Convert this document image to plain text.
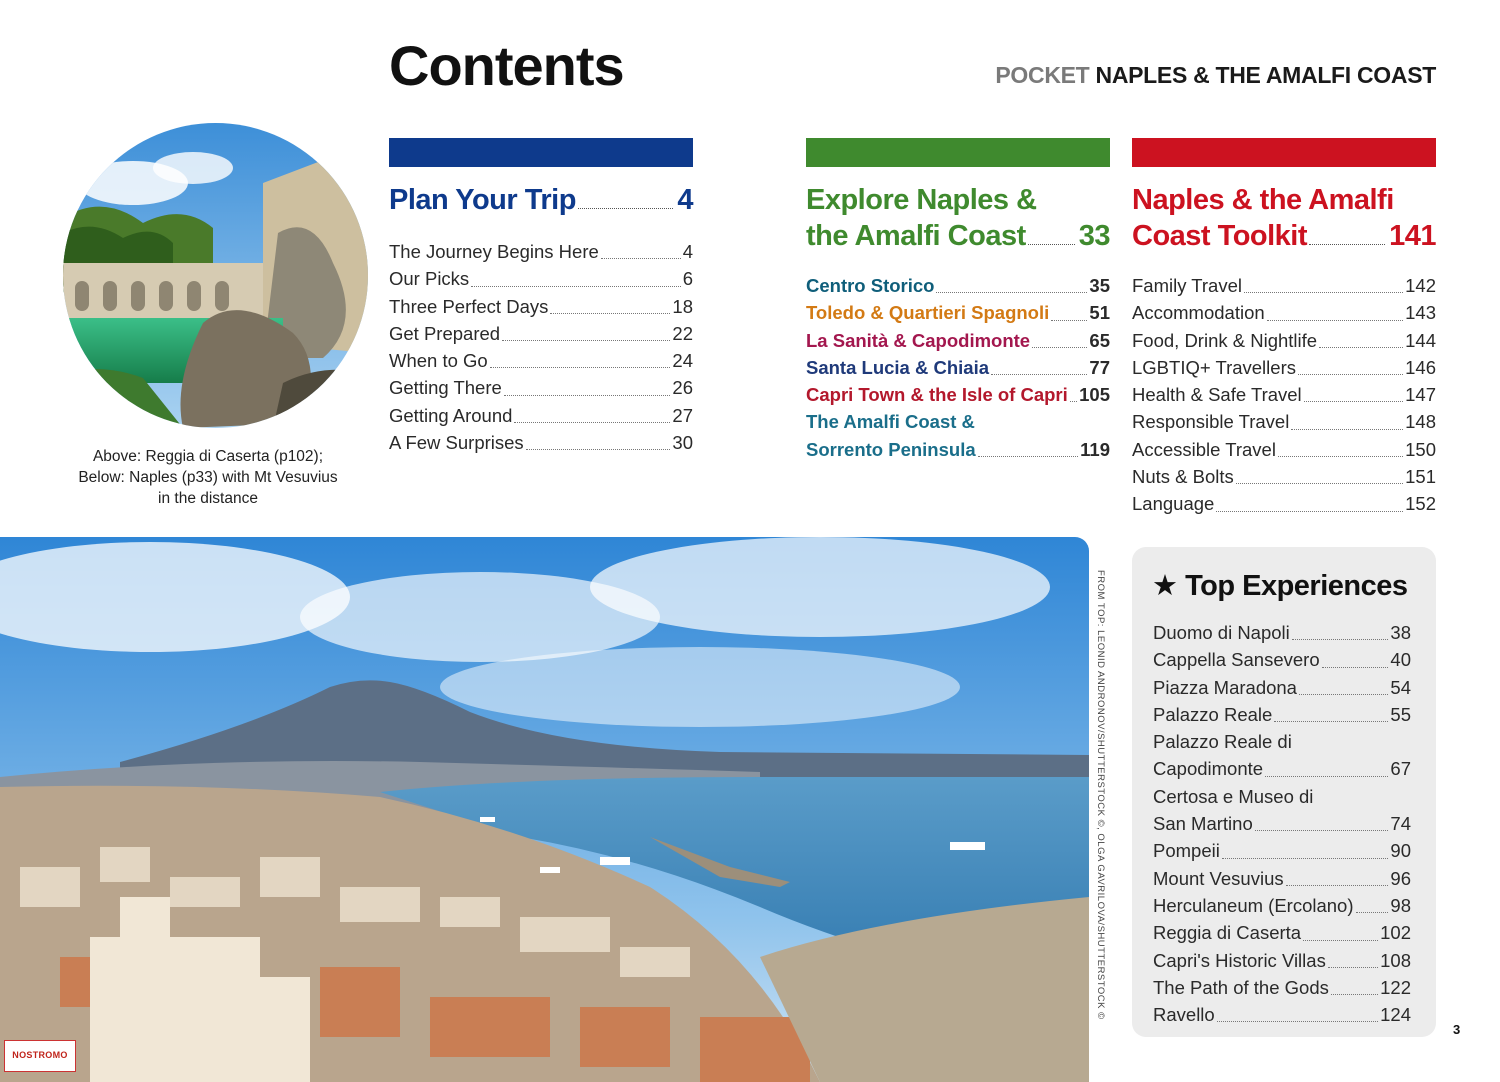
Contents	POCKET NAPLES & THE AMALFI COAST
Above: Reggia di Caserta (p102);
Below: Naples (p33) with Mt Vesuvius
in the distance
Plan Your Trip	4
The Journey Begins Here	4
Our Picks	6
Three Perfect Days	18
Get Prepared	22
When to Go	24
Getting There	26
Getting Around	27
A Few Surprises	30
Explore Naples &
the Amalfi Coast 33
Centro Storico	35
Toledo & Quartieri Spagnoli 51
La Sanità & Capodimonte	65
Santa Lucia & Chiaia	77
Capri Town & the Isle of Capri 105
The Amalfi Coast &
Sorrento Peninsula	119
Naples & the Amalfi
Coast Toolkit	141
Family Travel	142
Accommodation	143
Food, Drink & Nightlife	144
LGBTIQ+ Travellers	146
Health & Safe Travel	147
Responsible Travel	148
Accessible Travel	150
Nuts & Bolts	151
Language	152
FROM TOP: LEONID ANDRONOV/SHUTTERSTOCK ©, OLGA GAVRILOVA/SHUTTERSTOCK © ★ Top Experiences
Duomo di Napoli	38
Cappella Sansevero	40
Piazza Maradona	54
Palazzo Reale	55
Palazzo Reale di
Capodimonte	67
Certosa e Museo di
San Martino	74
Pompeii	90
Mount Vesuvius	96
Herculaneum (Ercolano) 98
Reggia di Caserta	102
Capri's Historic Villas	108
The Path of the Gods	122
Ravello	124
3
NOSTROMO
